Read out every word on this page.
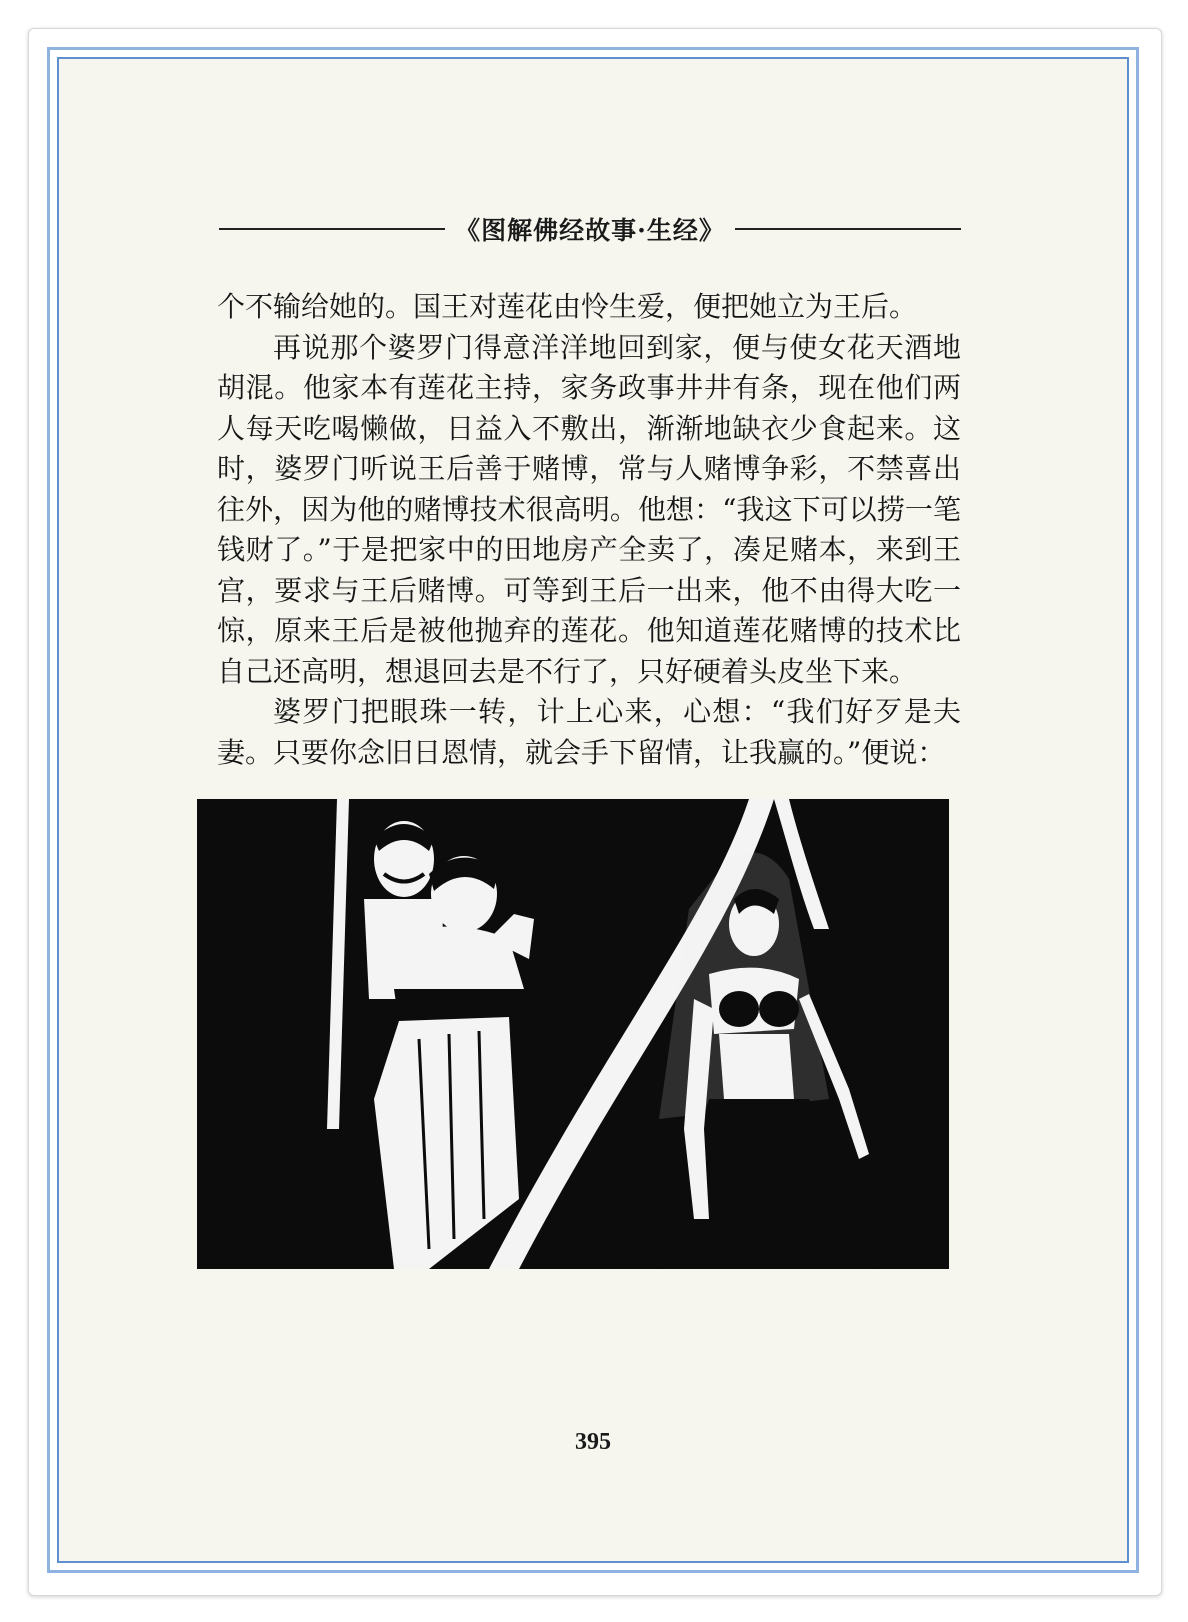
《图解佛经故事·生经》

个不输给她的。国王对莲花由怜生爱，便把她立为王后。

再说那个婆罗门得意洋洋地回到家，便与使女花天酒地胡混。他家本有莲花主持，家务政事井井有条，现在他们两人每天吃喝懒做，日益入不敷出，渐渐地缺衣少食起来。这时，婆罗门听说王后善于赌博，常与人赌博争彩，不禁喜出往外，因为他的赌博技术很高明。他想：“我这下可以捞一笔钱财了。”于是把家中的田地房产全卖了，凑足赌本，来到王宫，要求与王后赌博。可等到王后一出来，他不由得大吃一惊，原来王后是被他抛弃的莲花。他知道莲花赌博的技术比自己还高明，想退回去是不行了，只好硬着头皮坐下来。

婆罗门把眼珠一转，计上心来，心想：“我们好歹是夫妻。只要你念旧日恩情，就会手下留情，让我赢的。”便说：

395
